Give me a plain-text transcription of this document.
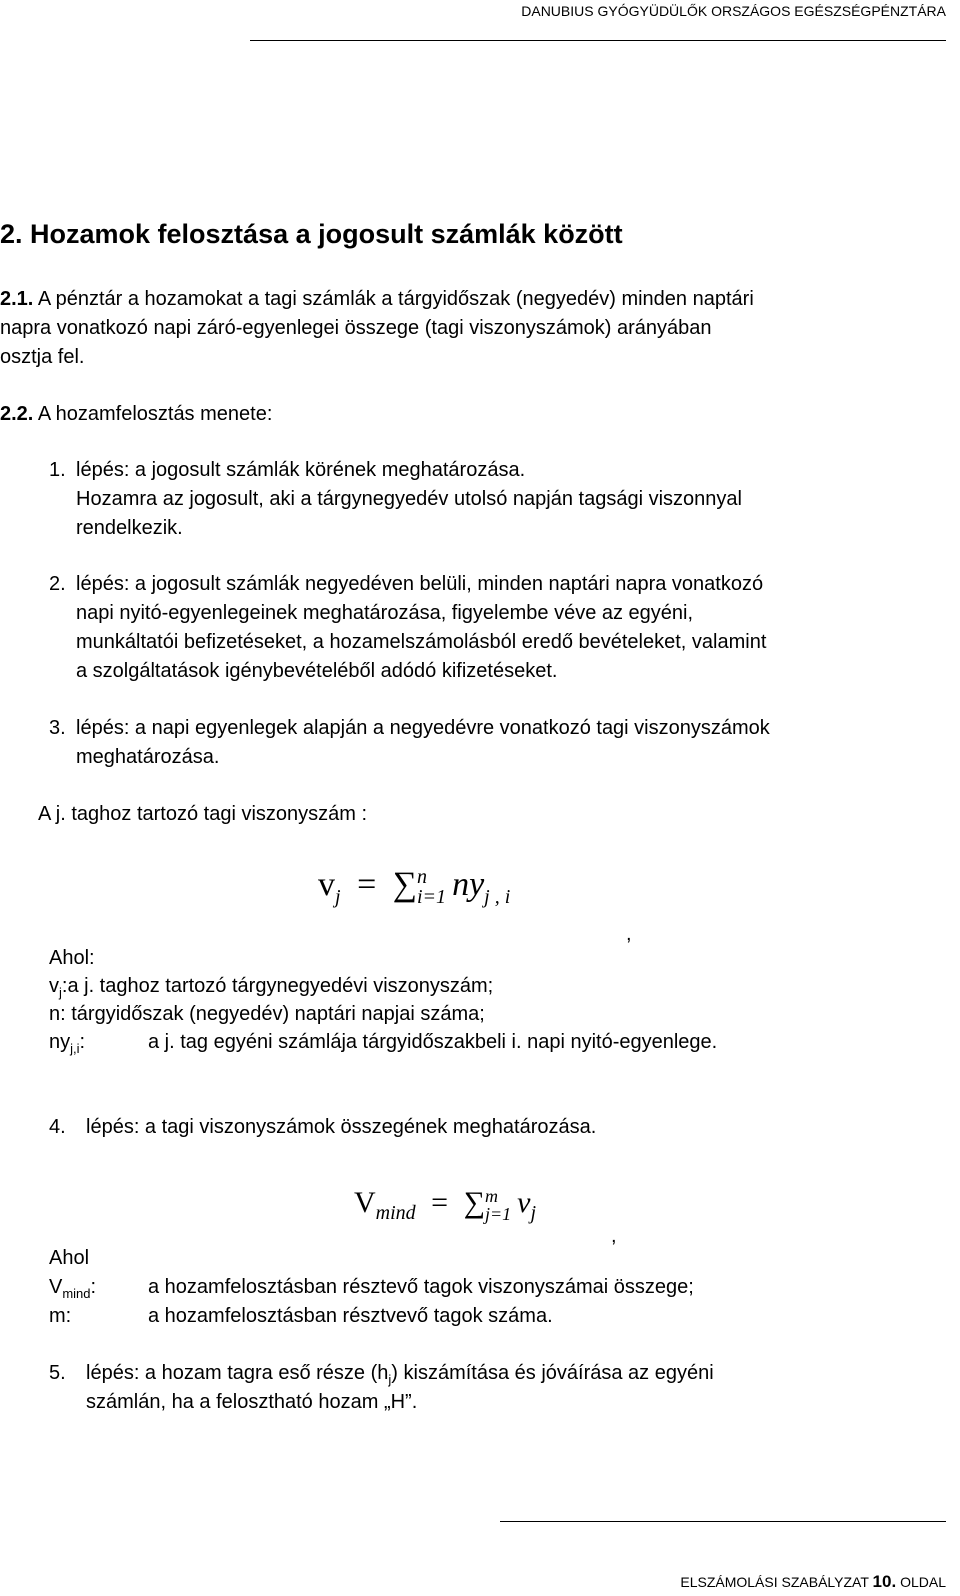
DANUBIUS GYÓGYÜDÜLŐK ORSZÁGOS EGÉSZSÉGPÉNZTÁRA
2. Hozamok felosztása a jogosult számlák között
2.1. A pénztár a hozamokat a tagi számlák a tárgyidőszak (negyedév) minden naptári
napra vonatkozó napi záró-egyenlegei összege (tagi viszonyszámok) arányában
osztja fel.
2.2. A hozamfelosztás menete:
1. lépés: a jogosult számlák körének meghatározása.
Hozamra az jogosult, aki a tárgynegyedév utolsó napján tagsági viszonnyal
rendelkezik.
2. lépés: a jogosult számlák negyedéven belüli, minden naptári napra vonatkozó
napi nyitó-egyenlegeinek meghatározása, figyelembe véve az egyéni,
munkáltatói befizetéseket, a hozamelszámolásból eredő bevételeket, valamint
a szolgáltatások igénybevételéből adódó kifizetéseket.
3. lépés: a napi egyenlegek alapján a negyedévre vonatkozó tagi viszonyszámok
meghatározása.
A j. taghoz tartozó tagi viszonyszám :
$v_j$ = ∑ n
i=1 $ny_{j , i}$
,
Ahol:
$v_j:a$ j. taghoz tartozó tárgynegyedévi viszonyszám;
n: tárgyidőszak (negyedév) naptári napjai száma;
$ny_{j,i}$:	a j. tag egyéni számlája tárgyidőszakbeli i. napi nyitó-egyenlege.
4. lépés: a tagi viszonyszámok összegének meghatározása.
$V_{mind}$ = ∑ m
j=1 $v_j$
,
Ahol
$V_{mind}$:	a hozamfelosztásban résztevő tagok viszonyszámai összege;
m:	a hozamfelosztásban résztvevő tagok száma.
5. lépés: a hozam tagra eső része $(h_j)$ kiszámítása és jóváírása az egyéni
számlán, ha a felosztható hozam „H”.
ELSZÁMOLÁSI SZABÁLYZAT 10. OLDAL
